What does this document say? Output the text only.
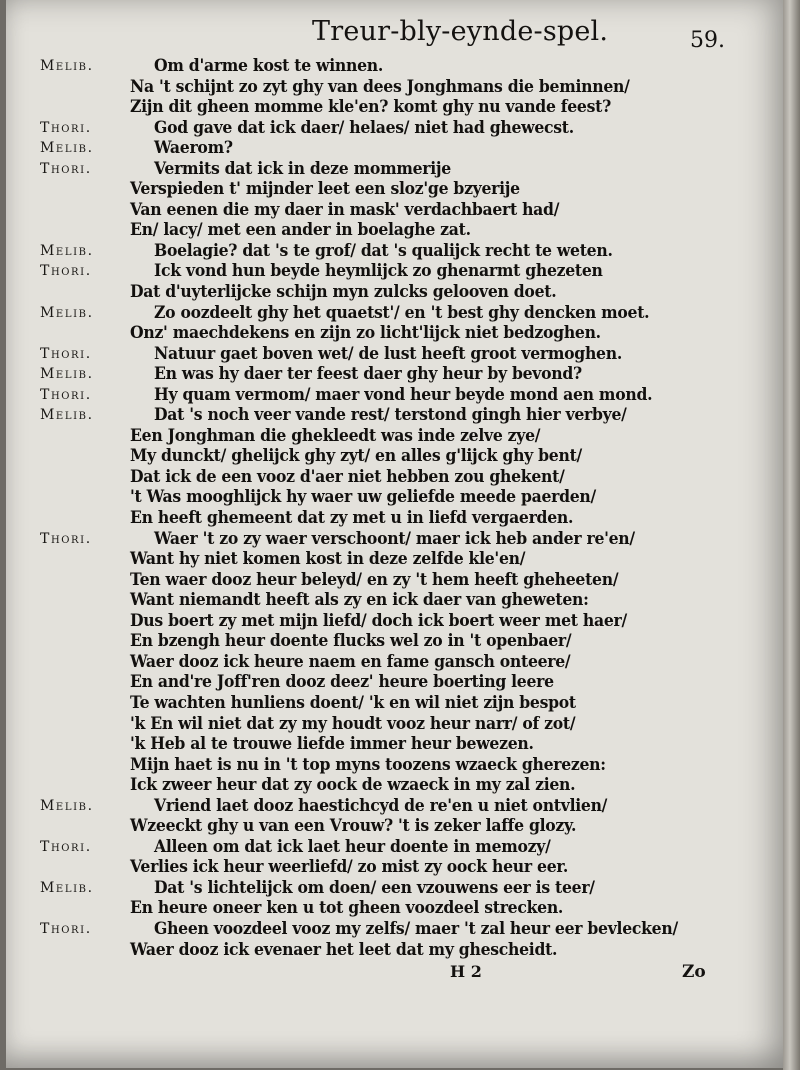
Treur-bly-eynde-spel.	59.
Melib.	Om d'arme kost te winnen.
Na 't schijnt zo zyt ghy van dees Jonghmans die beminnen/
Zijn dit gheen momme kle'en? komt ghy nu vande feest?
Thori.	God gave dat ick daer/ helaes/ niet had ghewecst.
Melib.	Waerom?
Thori.	Vermits dat ick in deze mommerije
Verspieden t' mijnder leet een sloz'ge bzyerije
Van eenen die my daer in mask' verdachbaert had/
En/ lacy/ met een ander in boelaghe zat.
Melib.	Boelagie? dat 's te grof/ dat 's qualijck recht te weten.
Thori.	Ick vond hun beyde heymlijck zo ghenarmt ghezeten
Dat d'uyterlijcke schijn myn zulcks gelooven doet.
Melib.	Zo oozdeelt ghy het quaetst'/ en 't best ghy dencken moet.
Onz' maechdekens en zijn zo licht'lijck niet bedzoghen.
Thori.	Natuur gaet boven wet/ de lust heeft groot vermoghen.
Melib.	En was hy daer ter feest daer ghy heur by bevond?
Thori.	Hy quam vermom/ maer vond heur beyde mond aen mond.
Melib.	Dat 's noch veer vande rest/ terstond gingh hier verbye/
Een Jonghman die ghekleedt was inde zelve zye/
My dunckt/ ghelijck ghy zyt/ en alles g'lijck ghy bent/
Dat ick de een vooz d'aer niet hebben zou ghekent/
't Was mooghlijck hy waer uw geliefde meede paerden/
En heeft ghemeent dat zy met u in liefd vergaerden.
Thori.	Waer 't zo zy waer verschoont/ maer ick heb ander re'en/
Want hy niet komen kost in deze zelfde kle'en/
Ten waer dooz heur beleyd/ en zy 't hem heeft gheheeten/
Want niemandt heeft als zy en ick daer van gheweten:
Dus boert zy met mijn liefd/ doch ick boert weer met haer/
En bzengh heur doente flucks wel zo in 't openbaer/
Waer dooz ick heure naem en fame gansch onteere/
En and're Joff'ren dooz deez' heure boerting leere
Te wachten hunliens doent/ 'k en wil niet zijn bespot
'k En wil niet dat zy my houdt vooz heur narr/ of zot/
'k Heb al te trouwe liefde immer heur bewezen.
Mijn haet is nu in 't top myns toozens wzaeck gherezen:
Ick zweer heur dat zy oock de wzaeck in my zal zien.
Melib.	Vriend laet dooz haestichcyd de re'en u niet ontvlien/
Wzeeckt ghy u van een Vrouw? 't is zeker laffe glozy.
Thori.	Alleen om dat ick laet heur doente in memozy/
Verlies ick heur weerliefd/ zo mist zy oock heur eer.
Melib.	Dat 's lichtelijck om doen/ een vzouwens eer is teer/
En heure oneer ken u tot gheen voozdeel strecken.
Thori.	Gheen voozdeel vooz my zelfs/ maer 't zal heur eer bevlecken/
Waer dooz ick evenaer het leet dat my ghescheidt.
H 2	Zo
